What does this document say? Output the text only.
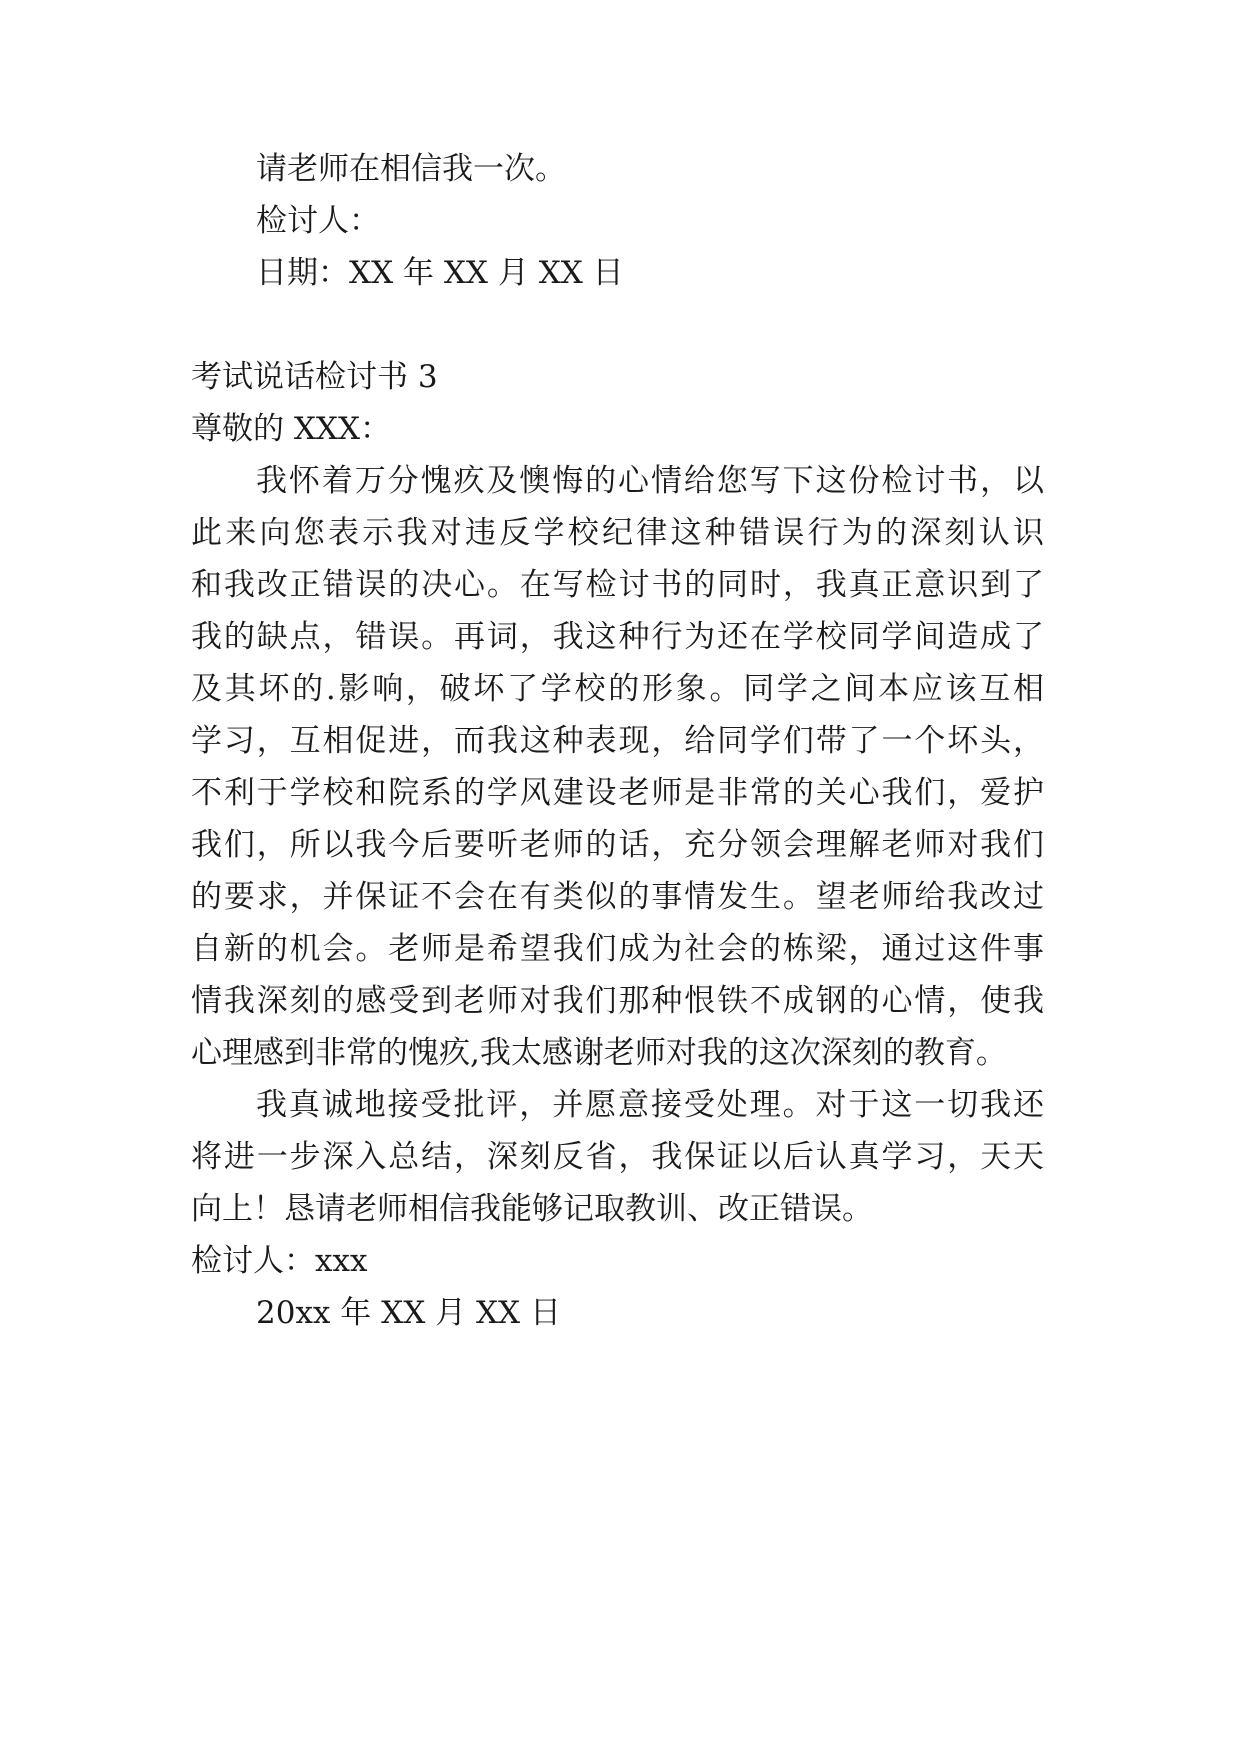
请老师在相信我一次。
检讨人：
日期：XX 年 XX 月 XX 日
考试说话检讨书 3
尊敬的 XXX：
我怀着万分愧疚及懊悔的心情给您写下这份检讨书，以
此来向您表示我对违反学校纪律这种错误行为的深刻认识
和我改正错误的决心。在写检讨书的同时，我真正意识到了
我的缺点，错误。再词，我这种行为还在学校同学间造成了
及其坏的.影响，破坏了学校的形象。同学之间本应该互相
学习，互相促进，而我这种表现，给同学们带了一个坏头，
不利于学校和院系的学风建设老师是非常的关心我们，爱护
我们，所以我今后要听老师的话，充分领会理解老师对我们
的要求，并保证不会在有类似的事情发生。望老师给我改过
自新的机会。老师是希望我们成为社会的栋梁，通过这件事
情我深刻的感受到老师对我们那种恨铁不成钢的心情，使我
心理感到非常的愧疚,我太感谢老师对我的这次深刻的教育。
我真诚地接受批评，并愿意接受处理。对于这一切我还
将进一步深入总结，深刻反省，我保证以后认真学习，天天
向上！恳请老师相信我能够记取教训、改正错误。
检讨人：xxx
20xx 年 XX 月 XX 日
